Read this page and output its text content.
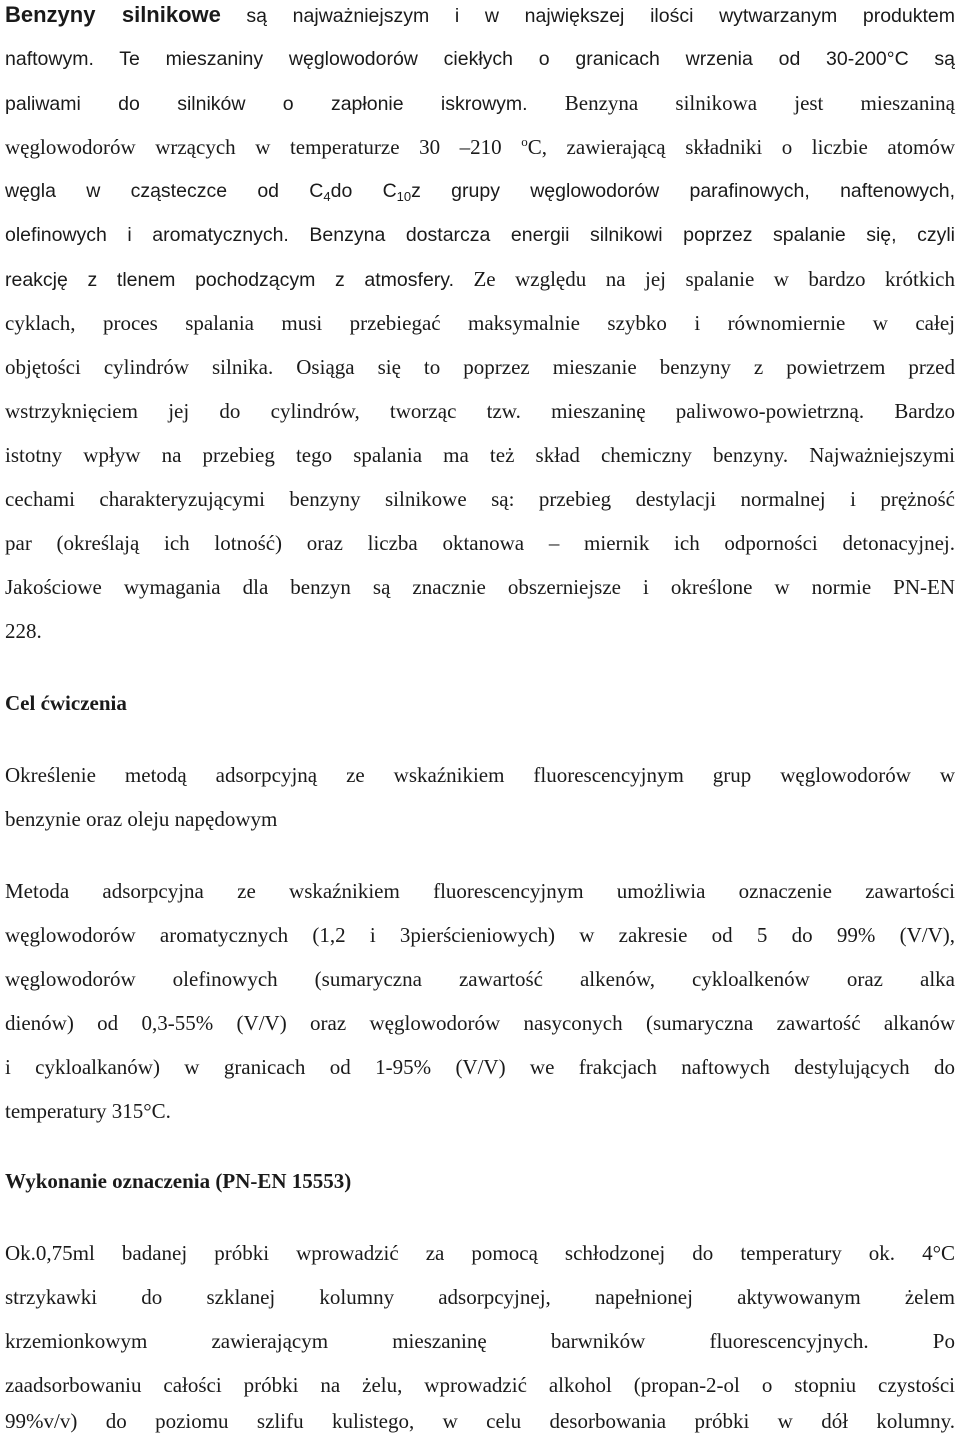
Benzyny silnikowe są najważniejszym i w największej ilości wytwarzanym produktem
naftowym. Te mieszaniny węglowodorów ciekłych o granicach wrzenia od 30-200°C są
paliwami do silników o zapłonie iskrowym. Benzyna silnikowa jest mieszaniną
węglowodorów wrzących w temperaturze 30 –210 $^o$C, zawierającą składniki o liczbie atomów
węgla w cząsteczce od $C_4do$ $C_{10}z$ grupy węglowodorów parafinowych, naftenowych,
olefinowych i aromatycznych. Benzyna dostarcza energii silnikowi poprzez spalanie się, czyli
reakcję z tlenem pochodzącym z atmosfery. Ze względu na jej spalanie w bardzo krótkich
cyklach, proces spalania musi przebiegać maksymalnie szybko i równomiernie w całej
objętości cylindrów silnika. Osiąga się to poprzez mieszanie benzyny z powietrzem przed
wstrzyknięciem jej do cylindrów, tworząc tzw. mieszaninę paliwowo-powietrzną. Bardzo
istotny wpływ na przebieg tego spalania ma też skład chemiczny benzyny. Najważniejszymi
cechami charakteryzującymi benzyny silnikowe są: przebieg destylacji normalnej i prężność
par (określają ich lotność) oraz liczba oktanowa – miernik ich odporności detonacyjnej.
Jakościowe wymagania dla benzyn są znacznie obszerniejsze i określone w normie PN-EN
228.
Cel ćwiczenia
Określenie metodą adsorpcyjną ze wskaźnikiem fluorescencyjnym grup węglowodorów w
benzynie oraz oleju napędowym
Metoda adsorpcyjna ze wskaźnikiem fluorescencyjnym umożliwia oznaczenie zawartości
węglowodorów aromatycznych (1,2 i 3pierścieniowych) w zakresie od 5 do 99% (V/V),
węglowodorów olefinowych (sumaryczna zawartość alkenów, cykloalkenów oraz alka
dienów) od 0,3-55% (V/V) oraz węglowodorów nasyconych (sumaryczna zawartość alkanów
i cykloalkanów) w granicach od 1-95% (V/V) we frakcjach naftowych destylujących do
temperatury 315°C.
Wykonanie oznaczenia (PN-EN 15553)
Ok.0,75ml badanej próbki wprowadzić za pomocą schłodzonej do temperatury ok. 4°C
strzykawki do szklanej kolumny adsorpcyjnej, napełnionej aktywowanym żelem
krzemionkowym zawierającym mieszaninę barwników fluorescencyjnych. Po
zaadsorbowaniu całości próbki na żelu, wprowadzić alkohol (propan-2-ol o stopniu czystości
99%v/v) do poziomu szlifu kulistego, w celu desorbowania próbki w dół kolumny.
